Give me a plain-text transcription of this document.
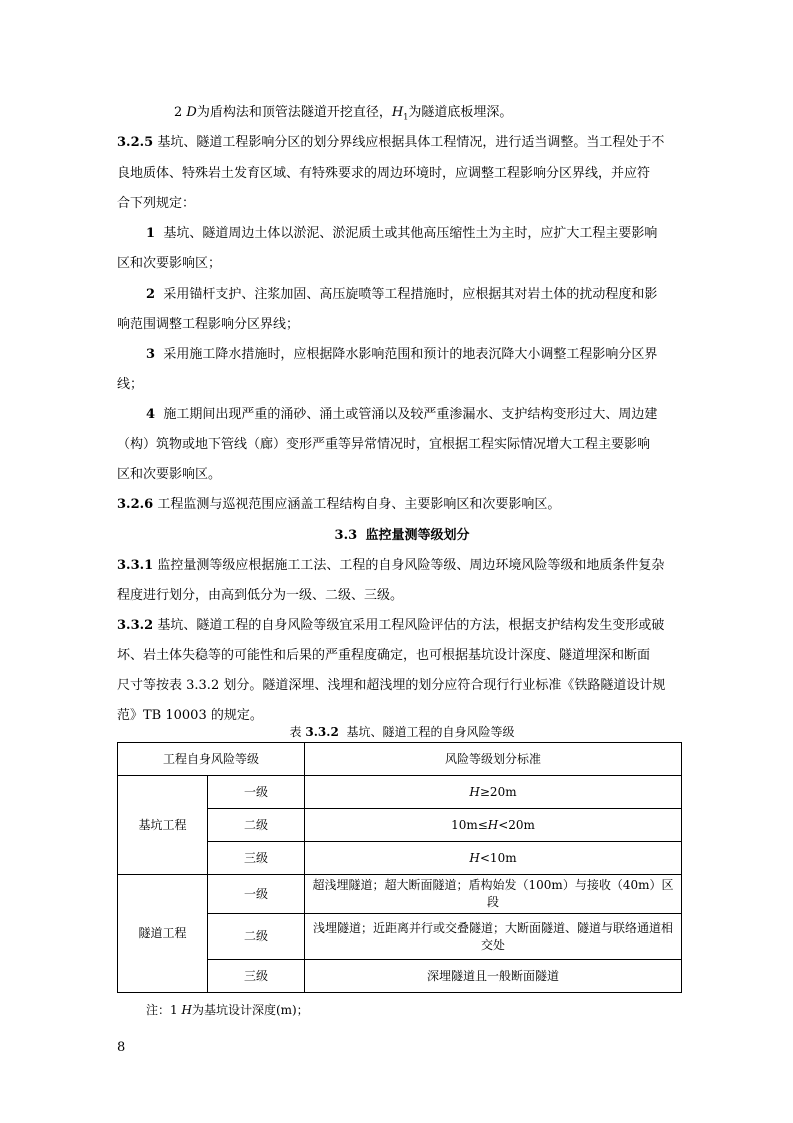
2 D为盾构法和顶管法隧道开挖直径，$H_1$为隧道底板埋深。
3.2.5 基坑、隧道工程影响分区的划分界线应根据具体工程情况，进行适当调整。当工程处于不
良地质体、特殊岩土发育区域、有特殊要求的周边环境时，应调整工程影响分区界线，并应符
合下列规定：
1 基坑、隧道周边土体以淤泥、淤泥质土或其他高压缩性土为主时，应扩大工程主要影响
区和次要影响区；
2 采用锚杆支护、注浆加固、高压旋喷等工程措施时，应根据其对岩土体的扰动程度和影
响范围调整工程影响分区界线；
3 采用施工降水措施时，应根据降水影响范围和预计的地表沉降大小调整工程影响分区界
线；
4 施工期间出现严重的涌砂、涌土或管涌以及较严重渗漏水、支护结构变形过大、周边建
（构）筑物或地下管线（廊）变形严重等异常情况时，宜根据工程实际情况增大工程主要影响
区和次要影响区。
3.2.6 工程监测与巡视范围应涵盖工程结构自身、主要影响区和次要影响区。
3.3 监控量测等级划分
3.3.1 监控量测等级应根据施工工法、工程的自身风险等级、周边环境风险等级和地质条件复杂
程度进行划分，由高到低分为一级、二级、三级。
3.3.2 基坑、隧道工程的自身风险等级宜采用工程风险评估的方法，根据支护结构发生变形或破
坏、岩土体失稳等的可能性和后果的严重程度确定，也可根据基坑设计深度、隧道埋深和断面
尺寸等按表 3.3.2 划分。隧道深埋、浅埋和超浅埋的划分应符合现行行业标准《铁路隧道设计规
范》TB 10003 的规定。
表 3.3.2 基坑、隧道工程的自身风险等级
工程自身风险等级		风险等级划分标准
基坑工程	一级	H≥20m
	二级	10m≤H<20m
	三级	H<10m
隧道工程	一级	超浅埋隧道；超大断面隧道；盾构始发（100m）与接收（40m）区段
	二级	浅埋隧道；近距离并行或交叠隧道；大断面隧道、隧道与联络通道相交处
	三级	深埋隧道且一般断面隧道
注：1 H为基坑设计深度(m)；
8
